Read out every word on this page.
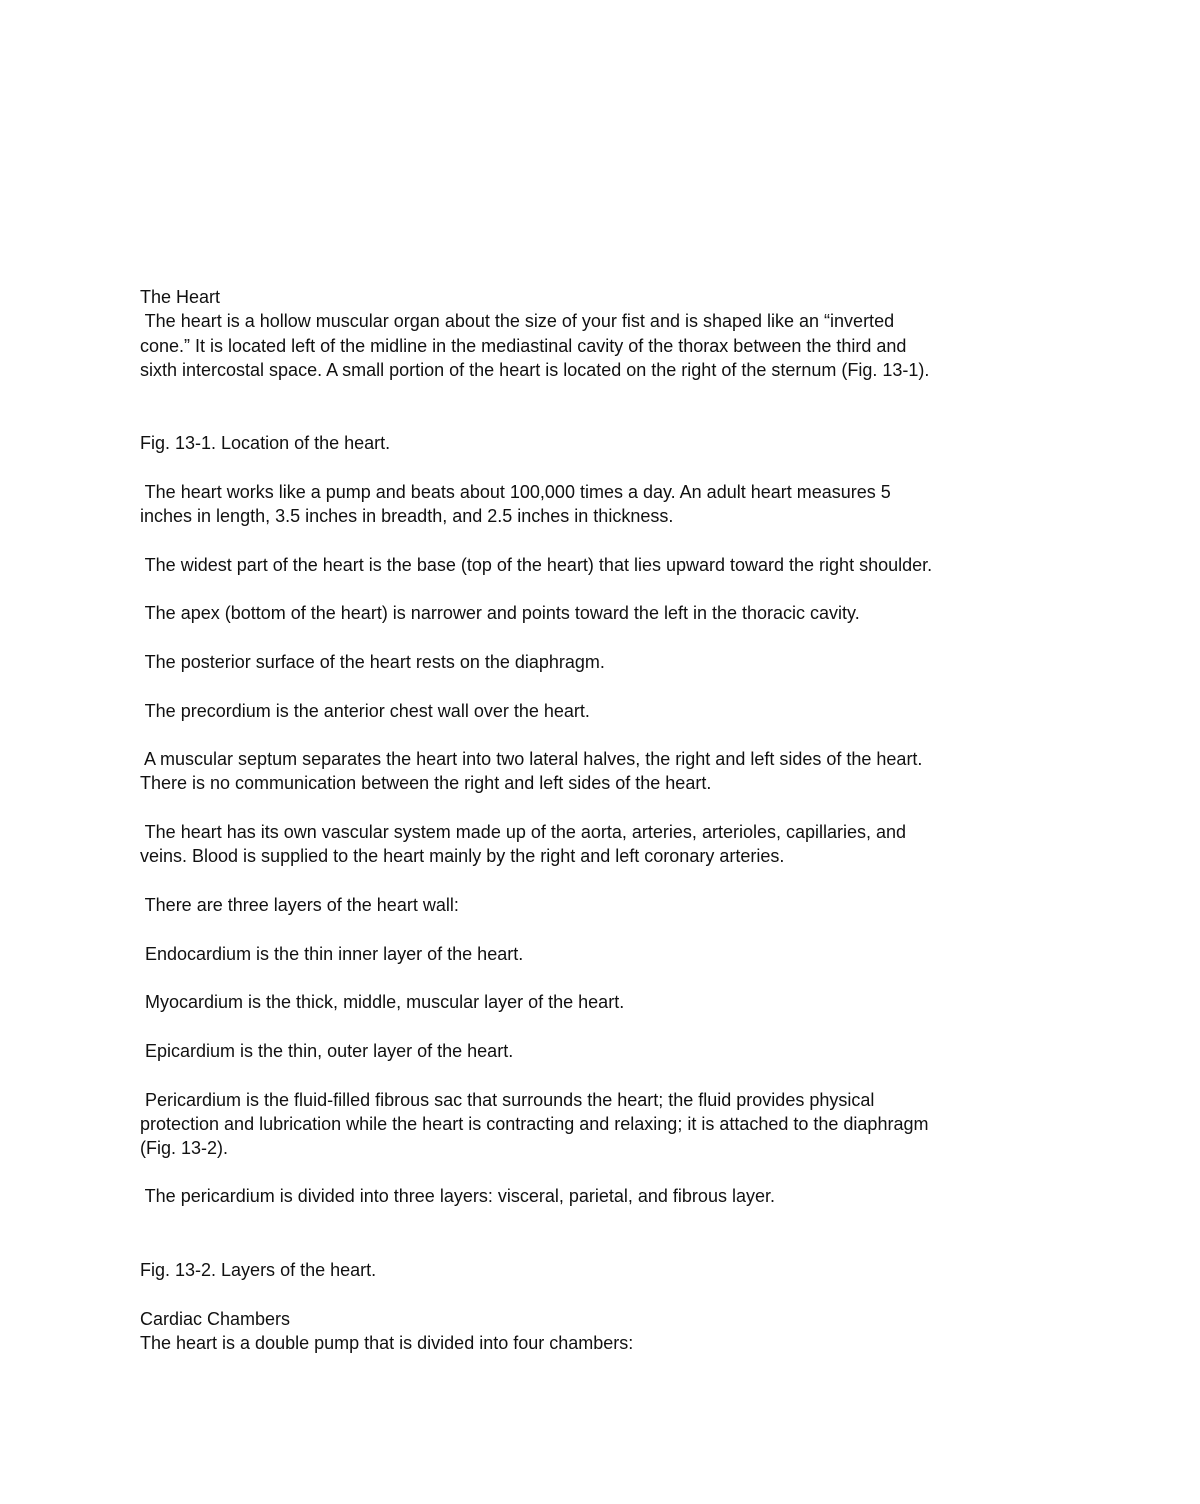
The Heart

The heart is a hollow muscular organ about the size of your fist and is shaped like an “inverted

cone.” It is located left of the midline in the mediastinal cavity of the thorax between the third and

sixth intercostal space. A small portion of the heart is located on the right of the sternum (Fig. 13-1).

Fig. 13-1. Location of the heart.

The heart works like a pump and beats about 100,000 times a day. An adult heart measures 5

inches in length, 3.5 inches in breadth, and 2.5 inches in thickness.

The widest part of the heart is the base (top of the heart) that lies upward toward the right shoulder.

The apex (bottom of the heart) is narrower and points toward the left in the thoracic cavity.

The posterior surface of the heart rests on the diaphragm.

The precordium is the anterior chest wall over the heart.

A muscular septum separates the heart into two lateral halves, the right and left sides of the heart.

There is no communication between the right and left sides of the heart.

The heart has its own vascular system made up of the aorta, arteries, arterioles, capillaries, and

veins. Blood is supplied to the heart mainly by the right and left coronary arteries.

There are three layers of the heart wall:

Endocardium is the thin inner layer of the heart.

Myocardium is the thick, middle, muscular layer of the heart.

Epicardium is the thin, outer layer of the heart.

Pericardium is the fluid-filled fibrous sac that surrounds the heart; the fluid provides physical

protection and lubrication while the heart is contracting and relaxing; it is attached to the diaphragm

(Fig. 13-2).

The pericardium is divided into three layers: visceral, parietal, and fibrous layer.

Fig. 13-2. Layers of the heart.

Cardiac Chambers

The heart is a double pump that is divided into four chambers:
